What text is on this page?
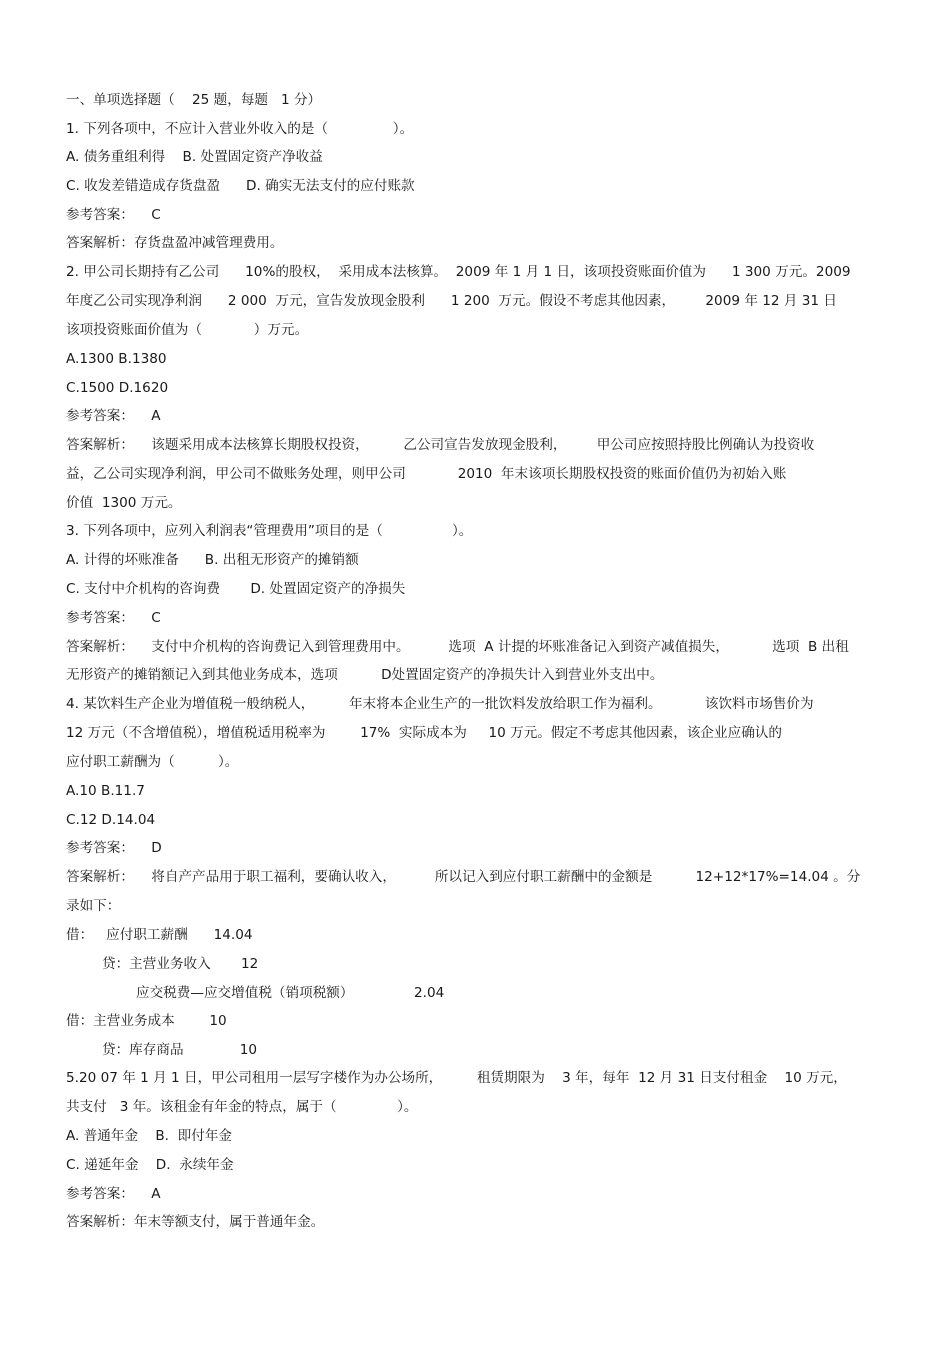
一、单项选择题（    25 题，每题   1 分）
1. 下列各项中，不应计入营业外收入的是（               ）。
A. 债务重组利得    B. 处置固定资产净收益
C. 收发差错造成存货盘盈      D. 确实无法支付的应付账款
参考答案：    C
答案解析：存货盘盈冲减管理费用。
2. 甲公司长期持有乙公司      10%的股权，  采用成本法核算。  2009 年 1 月 1 日，该项投资账面价值为      1 300 万元。2009
年度乙公司实现净利润      2 000  万元，宣告发放现金股利      1 200  万元。假设不考虑其他因素，       2009 年 12 月 31 日
该项投资账面价值为（            ）万元。
A.1300 B.1380
C.1500 D.1620
参考答案：    A
答案解析：    该题采用成本法核算长期股权投资，        乙公司宣告发放现金股利，       甲公司应按照持股比例确认为投资收
益，乙公司实现净利润，甲公司不做账务处理，则甲公司            2010  年末该项长期股权投资的账面价值仍为初始入账
价值  1300 万元。
3. 下列各项中，应列入利润表“管理费用”项目的是（                ）。
A. 计得的坏账准备      B. 出租无形资产的摊销额
C. 支付中介机构的咨询费       D. 处置固定资产的净损失
参考答案：    C
答案解析：    支付中介机构的咨询费记入到管理费用中。         选项  A 计提的坏账准备记入到资产减值损失，          选项  B 出租
无形资产的摊销额记入到其他业务成本，选项          D处置固定资产的净损失计入到营业外支出中。
4. 某饮料生产企业为增值税一般纳税人，        年末将本企业生产的一批饮料发放给职工作为福利。          该饮料市场售价为
12 万元（不含增值税），增值税适用税率为        17%  实际成本为     10 万元。假定不考虑其他因素，该企业应确认的
应付职工薪酬为（          ）。
A.10 B.11.7
C.12 D.14.04
参考答案：    D
答案解析：    将自产产品用于职工福利，要确认收入，         所以记入到应付职工薪酬中的金额是          12+12*17%=14.04 。分
录如下：
借：   应付职工薪酬      14.04
贷：主营业务收入       12
应交税费—应交增值税（销项税额）              2.04
借：主营业务成本        10
贷：库存商品             10
5.20 07 年 1 月 1 日，甲公司租用一层写字楼作为办公场所，        租赁期限为    3 年，每年  12 月 31 日支付租金    10 万元，
共支付   3 年。该租金有年金的特点，属于（              ）。
A. 普通年金    B.  即付年金
C. 递延年金    D.  永续年金
参考答案：    A
答案解析：年末等额支付，属于普通年金。
